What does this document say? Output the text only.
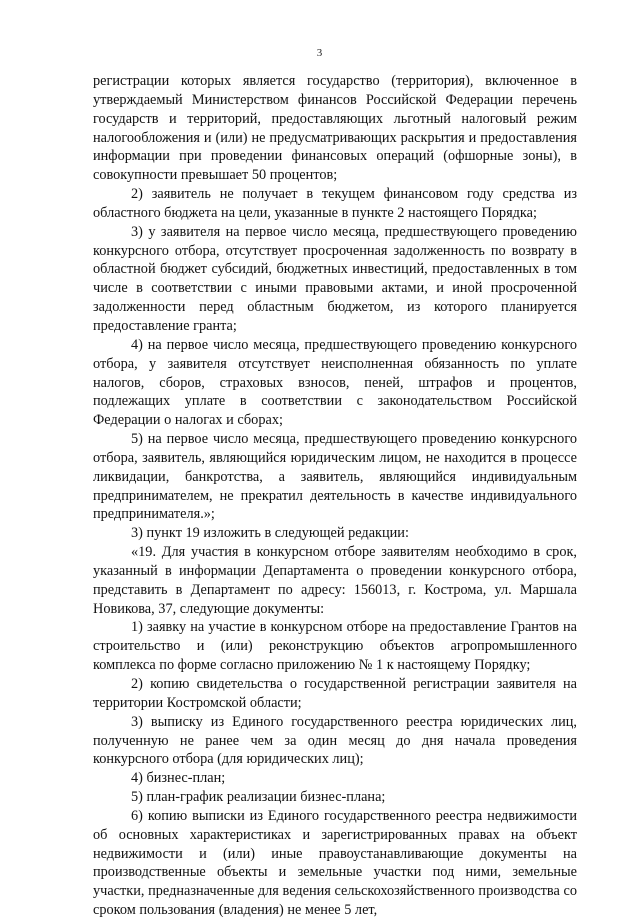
3

регистрации которых является государство (территория), включенное в утверждаемый Министерством финансов Российской Федерации перечень государств и территорий, предоставляющих льготный налоговый режим налогообложения и (или) не предусматривающих раскрытия и предоставления информации при проведении финансовых операций (офшорные зоны), в совокупности превышает 50 процентов;

2) заявитель не получает в текущем финансовом году средства из областного бюджета на цели, указанные в пункте 2 настоящего Порядка;

3) у заявителя на первое число месяца, предшествующего проведению конкурсного отбора, отсутствует просроченная задолженность по возврату в областной бюджет субсидий, бюджетных инвестиций, предоставленных в том числе в соответствии с иными правовыми актами, и иной просроченной задолженности перед областным бюджетом, из которого планируется предоставление гранта;

4) на первое число месяца, предшествующего проведению конкурсного отбора, у заявителя отсутствует неисполненная обязанность по уплате налогов, сборов, страховых взносов, пеней, штрафов и процентов, подлежащих уплате в соответствии с законодательством Российской Федерации о налогах и сборах;

5) на первое число месяца, предшествующего проведению конкурсного отбора, заявитель, являющийся юридическим лицом, не находится в процессе ликвидации, банкротства, а заявитель, являющийся индивидуальным предпринимателем, не прекратил деятельность в качестве индивидуального предпринимателя.»;

3) пункт 19 изложить в следующей редакции:

«19. Для участия в конкурсном отборе заявителям необходимо в срок, указанный в информации Департамента о проведении конкурсного отбора, представить в Департамент по адресу: 156013, г. Кострома, ул. Маршала Новикова, 37, следующие документы:

1) заявку на участие в конкурсном отборе на предоставление Грантов на строительство и (или) реконструкцию объектов агропромышленного комплекса по форме согласно приложению № 1 к настоящему Порядку;

2) копию свидетельства о государственной регистрации заявителя на территории Костромской области;

3) выписку из Единого государственного реестра юридических лиц, полученную не ранее чем за один месяц до дня начала проведения конкурсного отбора (для юридических лиц);

4) бизнес-план;

5) план-график реализации бизнес-плана;

6) копию выписки из Единого государственного реестра недвижимости об основных характеристиках и зарегистрированных правах на объект недвижимости и (или) иные правоустанавливающие документы на производственные объекты и земельные участки под ними, земельные участки, предназначенные для ведения сельскохозяйственного производства со сроком пользования (владения) не менее 5 лет,
